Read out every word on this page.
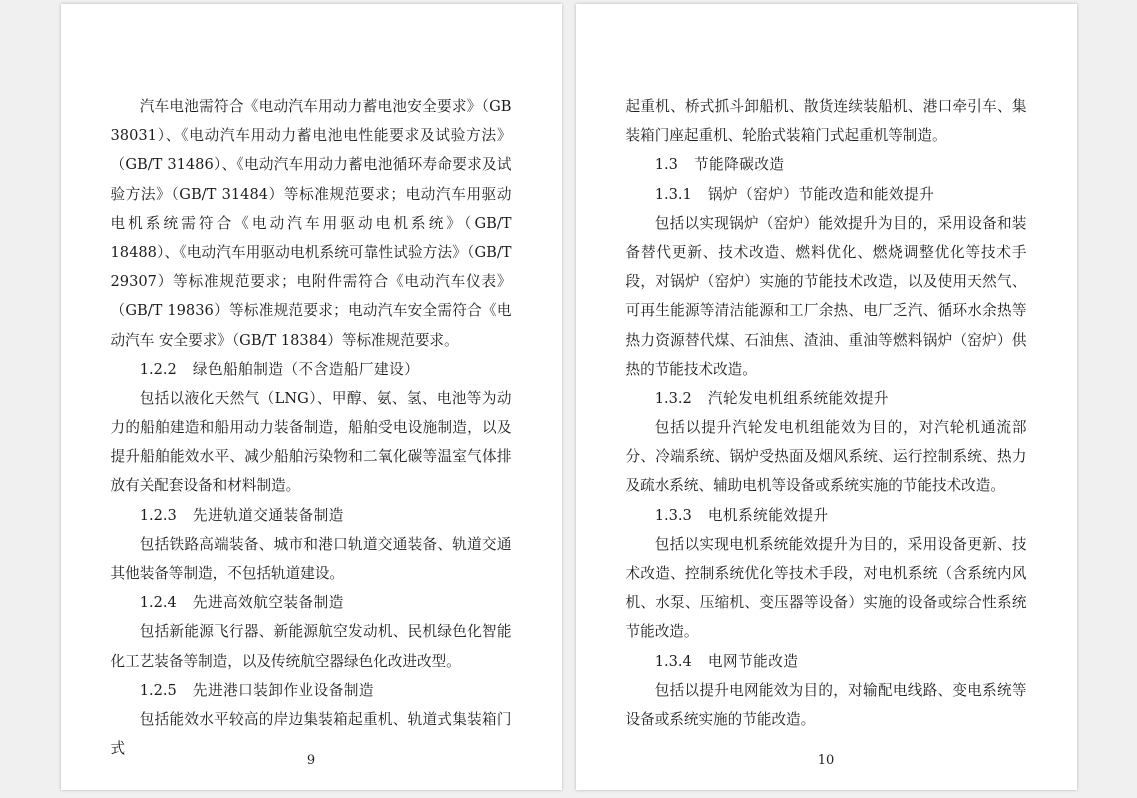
汽车电池需符合《电动汽车用动力蓄电池安全要求》（GB 38031）、《电动汽车用动力蓄电池电性能要求及试验方法》（GB/T 31486）、《电动汽车用动力蓄电池循环寿命要求及试验方法》（GB/T 31484）等标准规范要求；电动汽车用驱动电机系统需符合《电动汽车用驱动电机系统》（GB/T 18488）、《电动汽车用驱动电机系统可靠性试验方法》（GB/T 29307）等标准规范要求；电附件需符合《电动汽车仪表》（GB/T 19836）等标准规范要求；电动汽车安全需符合《电动汽车 安全要求》（GB/T 18384）等标准规范要求。

1.2.2 绿色船舶制造（不含造船厂建设）

包括以液化天然气（LNG）、甲醇、氨、氢、电池等为动力的船舶建造和船用动力装备制造，船舶受电设施制造，以及提升船舶能效水平、减少船舶污染物和二氧化碳等温室气体排放有关配套设备和材料制造。

1.2.3 先进轨道交通装备制造

包括铁路高端装备、城市和港口轨道交通装备、轨道交通其他装备等制造，不包括轨道建设。

1.2.4 先进高效航空装备制造

包括新能源飞行器、新能源航空发动机、民机绿色化智能化工艺装备等制造，以及传统航空器绿色化改进改型。

1.2.5 先进港口装卸作业设备制造

包括能效水平较高的岸边集装箱起重机、轨道式集装箱门式

9

起重机、桥式抓斗卸船机、散货连续装船机、港口牵引车、集装箱门座起重机、轮胎式装箱门式起重机等制造。

1.3 节能降碳改造

1.3.1 锅炉（窑炉）节能改造和能效提升

包括以实现锅炉（窑炉）能效提升为目的，采用设备和装备替代更新、技术改造、燃料优化、燃烧调整优化等技术手段，对锅炉（窑炉）实施的节能技术改造，以及使用天然气、可再生能源等清洁能源和工厂余热、电厂乏汽、循环水余热等热力资源替代煤、石油焦、渣油、重油等燃料锅炉（窑炉）供热的节能技术改造。

1.3.2 汽轮发电机组系统能效提升

包括以提升汽轮发电机组能效为目的，对汽轮机通流部分、冷端系统、锅炉受热面及烟风系统、运行控制系统、热力及疏水系统、辅助电机等设备或系统实施的节能技术改造。

1.3.3 电机系统能效提升

包括以实现电机系统能效提升为目的，采用设备更新、技术改造、控制系统优化等技术手段，对电机系统（含系统内风机、水泵、压缩机、变压器等设备）实施的设备或综合性系统节能改造。

1.3.4 电网节能改造

包括以提升电网能效为目的，对输配电线路、变电系统等设备或系统实施的节能改造。

10
